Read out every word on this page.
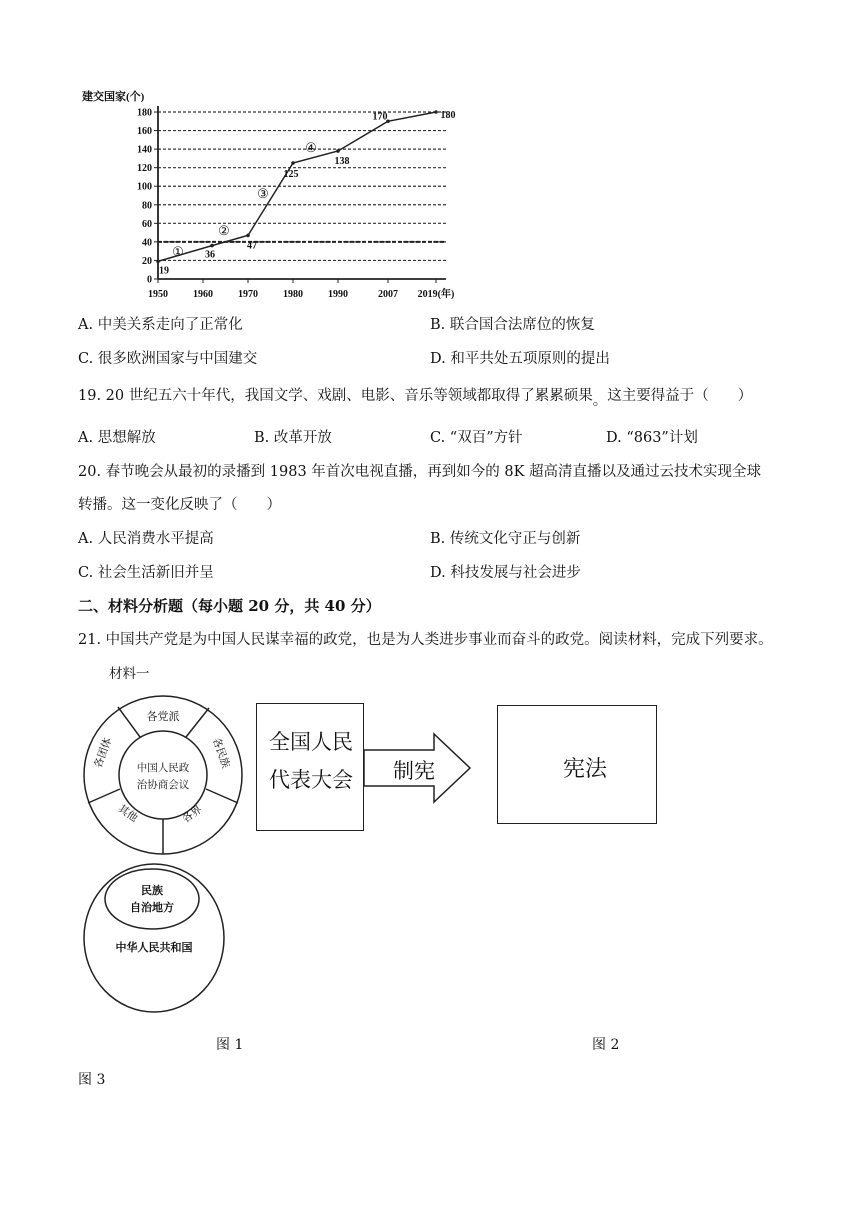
建交国家(个)
0
20
40
60
80
100
120
140
160
180
1950	1960	1970	1980	1990	2007 2019(年)
19
36
47
125
138
170	180
①
②
③
④
A. 中美关系走向了正常化	B. 联合国合法席位的恢复
C. 很多欧洲国家与中国建交	D. 和平共处五项原则的提出
19. 20 世纪五六十年代，我国文学、戏剧、电影、音乐等领域都取得了累累硕果。这主要得益于（　　）
A. 思想解放	B. 改革开放	C. “双百”方针	D. “863”计划
20. 春节晚会从最初的录播到 1983 年首次电视直播，再到如今的 8K 超高清直播以及通过云技术实现全球
转播。这一变化反映了（　　）
A. 人民消费水平提高	B. 传统文化守正与创新
C. 社会生活新旧并呈	D. 科技发展与社会进步
二、材料分析题（每小题 20 分，共 40 分）
21. 中国共产党是为中国人民谋幸福的政党，也是为人类进步事业而奋斗的政党。阅读材料，完成下列要求。
材料一
中国人民政
治协商会议
各党派
各民族
各界
其他
各团体	全国人民
代表大会 制宪	宪法
民族
自治地方
中华人民共和国
图 1	图 2
图 3
